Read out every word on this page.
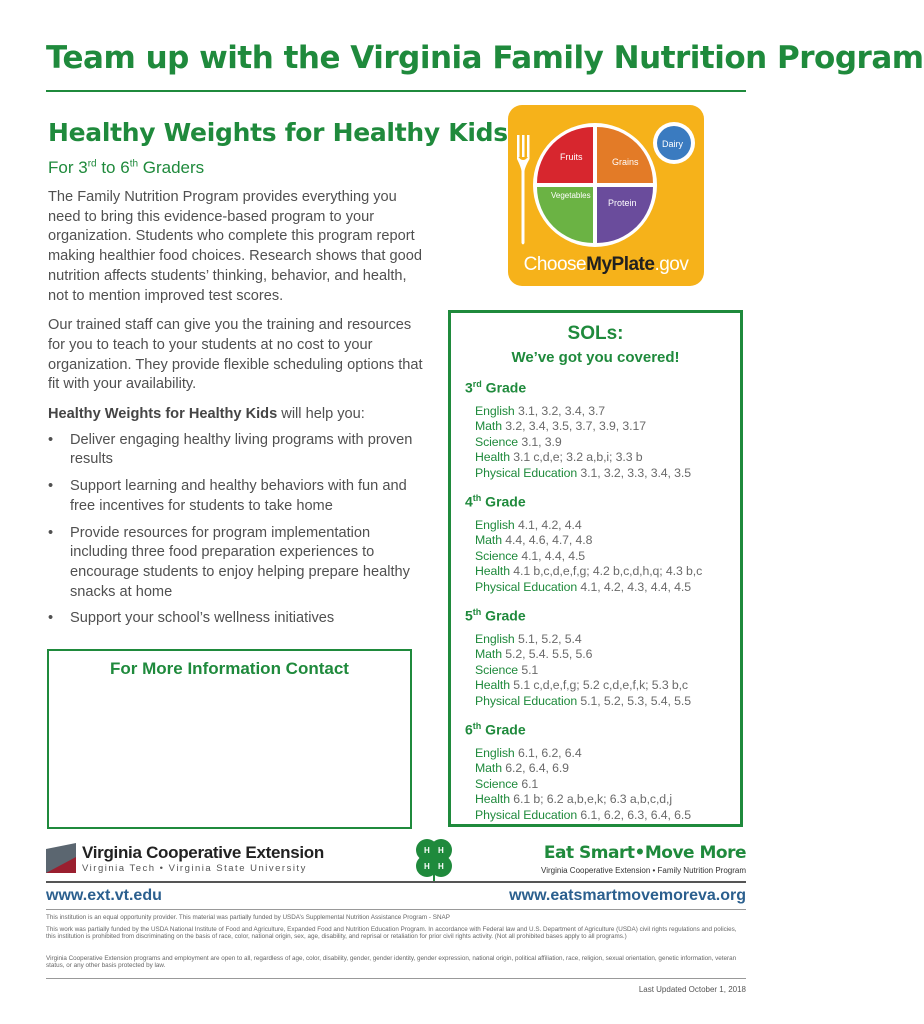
Team up with the Virginia Family Nutrition Program
Healthy Weights for Healthy Kids
For 3rd to 6th Graders

The Family Nutrition Program provides everything you need to bring this evidence-based program to your organization. Students who complete this program report making healthier food choices. Research shows that good nutrition affects students’ thinking, behavior, and health, not to mention improved test scores.

Our trained staff can give you the training and resources for you to teach to your students at no cost to your organization. They provide flexible scheduling options that fit with your availability.

Healthy Weights for Healthy Kids will help you:

• Deliver engaging healthy living programs with proven results
• Support learning and healthy behaviors with fun and free incentives for students to take home
• Provide resources for program implementation including three food preparation experiences to encourage students to enjoy helping prepare healthy snacks at home
• Support your school’s wellness initiatives
For More Information Contact
Fruits	Grains
Vegetables
Protein
Dairy
ChooseMyPlate.gov
SOLs:
We’ve got you covered!
3rd Grade
English 3.1, 3.2, 3.4, 3.7
Math 3.2, 3.4, 3.5, 3.7, 3.9, 3.17
Science 3.1, 3.9
Health 3.1 c,d,e; 3.2 a,b,i; 3.3 b
Physical Education 3.1, 3.2, 3.3, 3.4, 3.5
4th Grade
English 4.1, 4.2, 4.4
Math 4.4, 4.6, 4.7, 4.8
Science 4.1, 4.4, 4.5
Health 4.1 b,c,d,e,f,g; 4.2 b,c,d,h,q; 4.3 b,c
Physical Education 4.1, 4.2, 4.3, 4.4, 4.5
5th Grade
English 5.1, 5.2, 5.4
Math 5.2, 5.4. 5.5, 5.6
Science 5.1
Health 5.1 c,d,e,f,g; 5.2 c,d,e,f,k; 5.3 b,c
Physical Education 5.1, 5.2, 5.3, 5.4, 5.5
6th Grade
English 6.1, 6.2, 6.4
Math 6.2, 6.4, 6.9
Science 6.1
Health 6.1 b; 6.2 a,b,e,k; 6.3 a,b,c,d,j
Physical Education 6.1, 6.2, 6.3, 6.4, 6.5
Virginia Cooperative Extension
Virginia Tech • Virginia State University
H H
H H
Eat Smart•Move More
Virginia Cooperative Extension • Family Nutrition Program
www.ext.vt.edu	www.eatsmartmovemoreva.org
This institution is an equal opportunity provider. This material was partially funded by USDA’s Supplemental Nutrition Assistance Program - SNAP
This work was partially funded by the USDA National Institute of Food and Agriculture, Expanded Food and Nutrition Education Program. In accordance with Federal law and U.S. Department of Agriculture (USDA) civil rights regulations and policies, this institution is prohibited from discriminating on the basis of race, color, national origin, sex, age, disability, and reprisal or retaliation for prior civil rights activity. (Not all prohibited bases apply to all programs.)
Virginia Cooperative Extension programs and employment are open to all, regardless of age, color, disability, gender, gender identity, gender expression, national origin, political affiliation, race, religion, sexual orientation, genetic information, veteran status, or any other basis protected by law.
Last Updated October 1, 2018
